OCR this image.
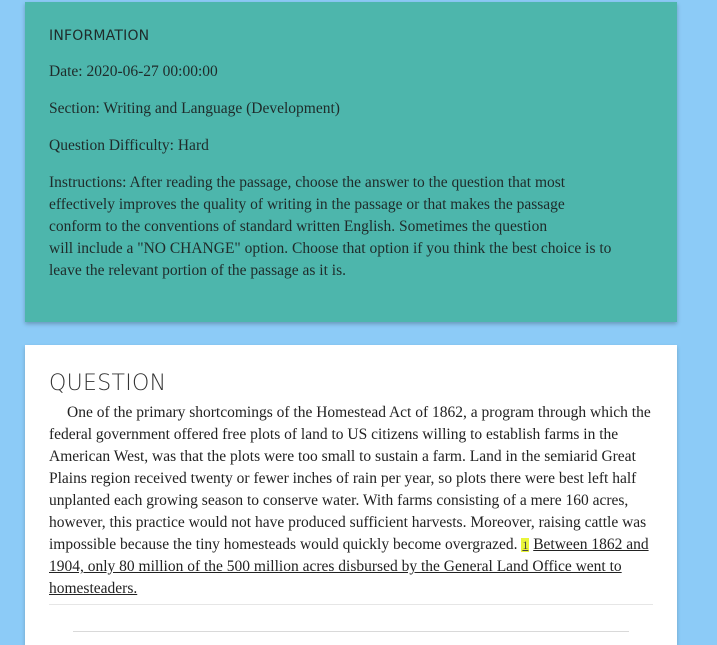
INFORMATION

Date: 2020-06-27 00:00:00

Section: Writing and Language (Development)

Question Difficulty: Hard

Instructions: After reading the passage, choose the answer to the question that most
effectively improves the quality of writing in the passage or that makes the passage
conform to the conventions of standard written English. Sometimes the question
will include a "NO CHANGE" option. Choose that option if you think the best choice is to
leave the relevant portion of the passage as it is.

QUESTION

One of the primary shortcomings of the Homestead Act of 1862, a program through which the federal government offered free plots of land to US citizens willing to establish farms in the American West, was that the plots were too small to sustain a farm. Land in the semiarid Great Plains region received twenty or fewer inches of rain per year, so plots there were best left half unplanted each growing season to conserve water. With farms consisting of a mere 160 acres, however, this practice would not have produced sufficient harvests. Moreover, raising cattle was impossible because the tiny homesteads would quickly become overgrazed. 1 Between 1862 and 1904, only 80 million of the 500 million acres disbursed by the General Land Office went to homesteaders.
